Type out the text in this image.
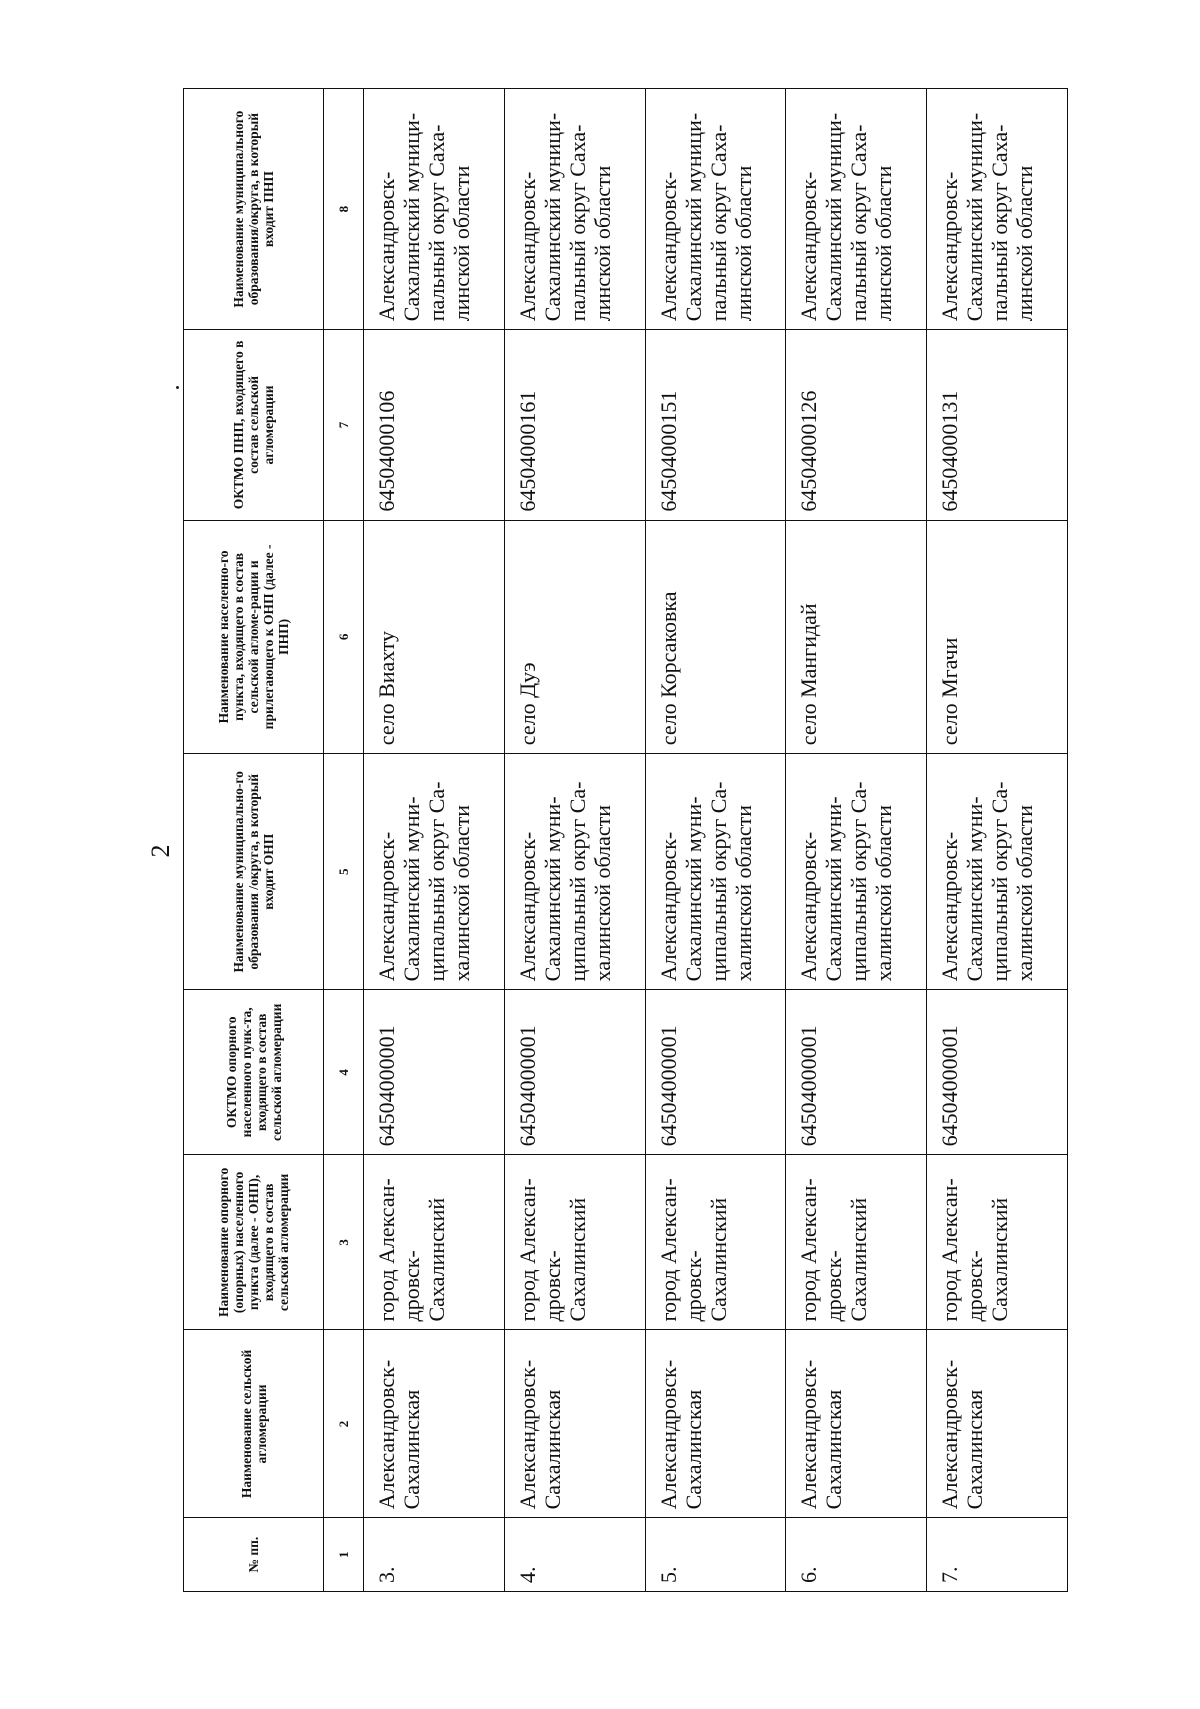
2
№ пп.	Наименование сельской агломерации	Наименование опорного (опорных) населенного пункта (далее - ОНП), входящего в состав сельской агломерации	ОКТМО опорного населенного пунк-та, входящего в состав сельской агломерации	Наименование муниципально-го образования /округа, в который входит ОНП	Наименование населенно-го пункта, входящего в состав сельской агломе-рации и прилегающего к ОНП (далее - ПНП)	ОКТМО ПНП, входящего в состав сельской агломерации	Наименование муниципального образования/округа, в который входит ПНП
1	2	3	4	5	6	7	8
3.	Александровск-
Сахалинская	город Алексан-
дровск-
Сахалинский	64504000001	Александровск-
Сахалинский муни-
ципальный округ Са-
халинской области	село Виахту	64504000106	Александровск-
Сахалинский муници-
пальный округ Саха-
линской области
4.	Александровск-
Сахалинская	город Алексан-
дровск-
Сахалинский	64504000001	Александровск-
Сахалинский муни-
ципальный округ Са-
халинской области	село Дуэ	64504000161	Александровск-
Сахалинский муници-
пальный округ Саха-
линской области
5.	Александровск-
Сахалинская	город Алексан-
дровск-
Сахалинский	64504000001	Александровск-
Сахалинский муни-
ципальный округ Са-
халинской области	село Корсаковка	64504000151	Александровск-
Сахалинский муници-
пальный округ Саха-
линской области
6.	Александровск-
Сахалинская	город Алексан-
дровск-
Сахалинский	64504000001	Александровск-
Сахалинский муни-
ципальный округ Са-
халинской области	село Мангидай	64504000126	Александровск-
Сахалинский муници-
пальный округ Саха-
линской области
7.	Александровск-
Сахалинская	город Алексан-
дровск-
Сахалинский	64504000001	Александровск-
Сахалинский муни-
ципальный округ Са-
халинской области	село Мгачи	64504000131	Александровск-
Сахалинский муници-
пальный округ Саха-
линской области
